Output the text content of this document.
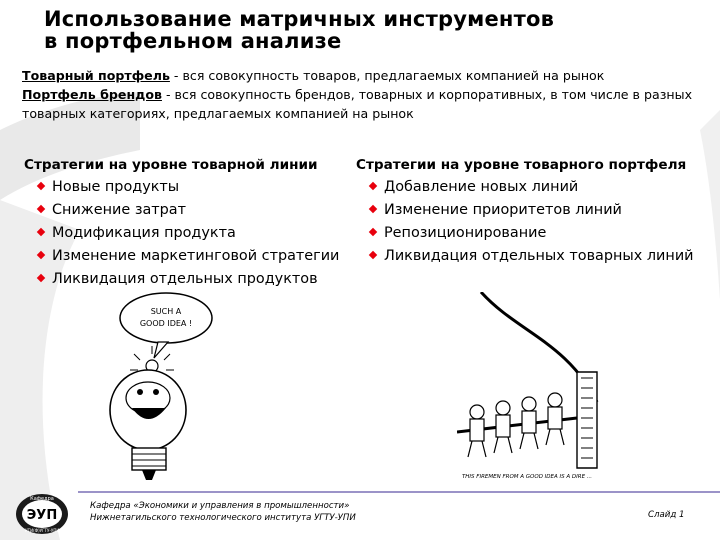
Использование матричных инструментов
в портфельном анализе

Товарный портфель - вся совокупность товаров, предлагаемых компанией на рынок

Портфель брендов - вся совокупность брендов, товарных и корпоративных, в том числе в разных товарных категориях, предлагаемых компанией на рынок

Стратегии на уровне товарной линии
Новые продукты
Снижение затрат
Модификация продукта
Изменение маркетинговой стратегии
Ликвидация отдельных продуктов
Стратегии на уровне товарного портфеля
Добавление новых линий
Изменение приоритетов линий
Репозиционирование
Ликвидация отдельных товарных линий
SUCH A
GOOD IDEA !
THIS FIREMEN FROM A GOOD IDEA IS A DIRE ...
ЭУП
Кафедра
НТИ(Ф)УГТУ-УПИ
Кафедра «Экономики и управления в промышленности»
Нижнетагильского технологического института УГТУ-УПИ	Слайд 1
